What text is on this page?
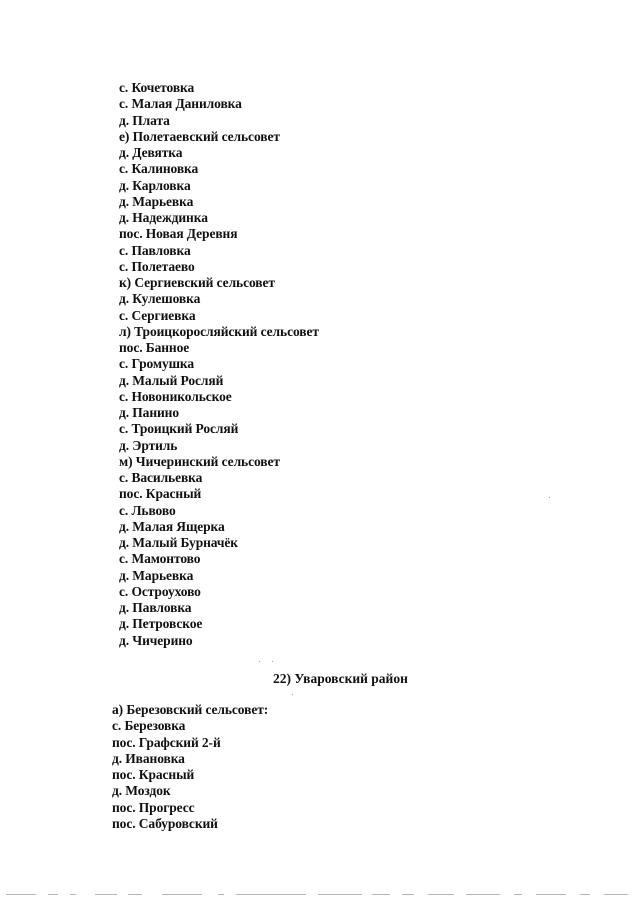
с. Кочетовка
с. Малая Даниловка
д. Плата
е) Полетаевский сельсовет
д. Девятка
с. Калиновка
д. Карловка
д. Марьевка
д. Надеждинка
пос. Новая Деревня
с. Павловка
с. Полетаево
к) Сергиевский сельсовет
д. Кулешовка
с. Сергиевка
л) Троицкоросляйский сельсовет
пос. Банное
с. Громушка
д. Малый Росляй
с. Новоникольское
д. Панино
с. Троицкий Росляй
д. Эртиль
м) Чичеринский сельсовет
с. Васильевка
пос. Красный
с. Львово
д. Малая Ящерка
д. Малый Бурначёк
с. Мамонтово
д. Марьевка
с. Остроухово
д. Павловка
д. Петровское
д. Чичерино
22) Уваровский район
а) Березовский сельсовет:
с. Березовка
пос. Графский 2-й
д. Ивановка
пос. Красный
д. Моздок
пос. Прогресс
пос. Сабуровский
